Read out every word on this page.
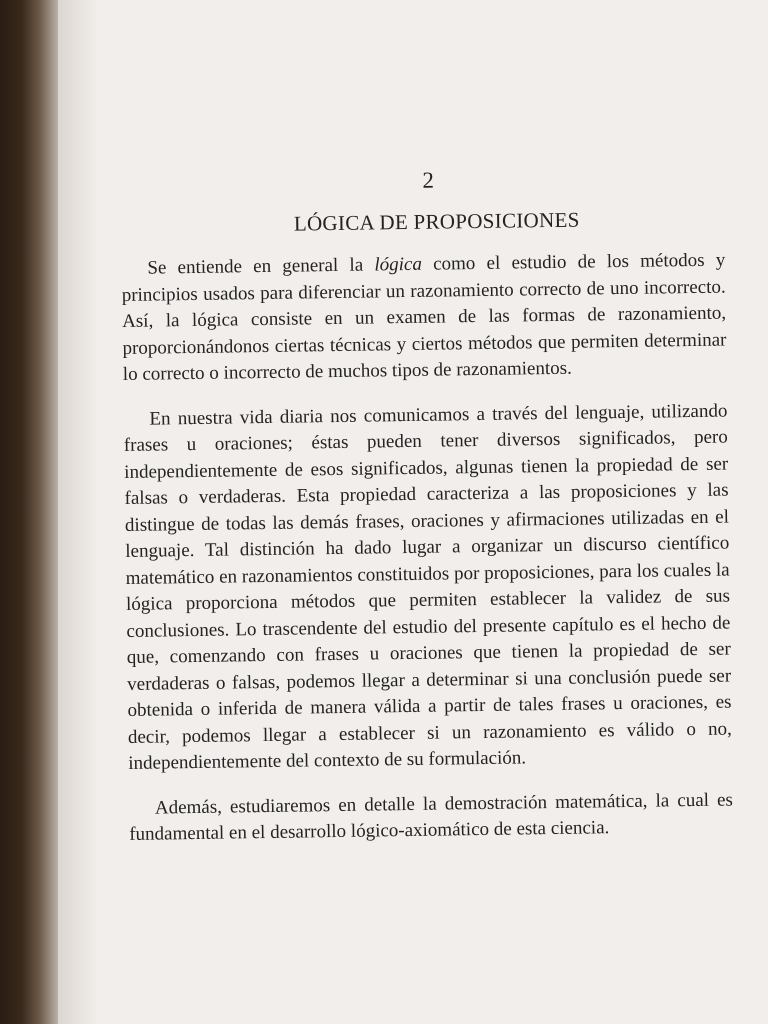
2
LÓGICA DE PROPOSICIONES

Se entiende en general la lógica como el estudio de los métodos y principios usados para diferenciar un razonamiento correcto de uno incorrecto. Así, la lógica consiste en un examen de las formas de razonamiento, proporcionándonos ciertas técnicas y ciertos métodos que permiten determinar lo correcto o incorrecto de muchos tipos de razonamientos.

En nuestra vida diaria nos comunicamos a través del lenguaje, utilizando frases u oraciones; éstas pueden tener diversos significados, pero independientemente de esos significados, algunas tienen la propiedad de ser falsas o verdaderas. Esta propiedad caracteriza a las proposiciones y las distingue de todas las demás frases, oraciones y afirmaciones utilizadas en el lenguaje. Tal distinción ha dado lugar a organizar un discurso científico matemático en razonamientos constituidos por proposiciones, para los cuales la lógica proporciona métodos que permiten establecer la validez de sus conclusiones. Lo trascendente del estudio del presente capítulo es el hecho de que, comenzando con frases u oraciones que tienen la propiedad de ser verdaderas o falsas, podemos llegar a determinar si una conclusión puede ser obtenida o inferida de manera válida a partir de tales frases u oraciones, es decir, podemos llegar a establecer si un razonamiento es válido o no, independientemente del contexto de su formulación.

Además, estudiaremos en detalle la demostración matemática, la cual es fundamental en el desarrollo lógico-axiomático de esta ciencia.
